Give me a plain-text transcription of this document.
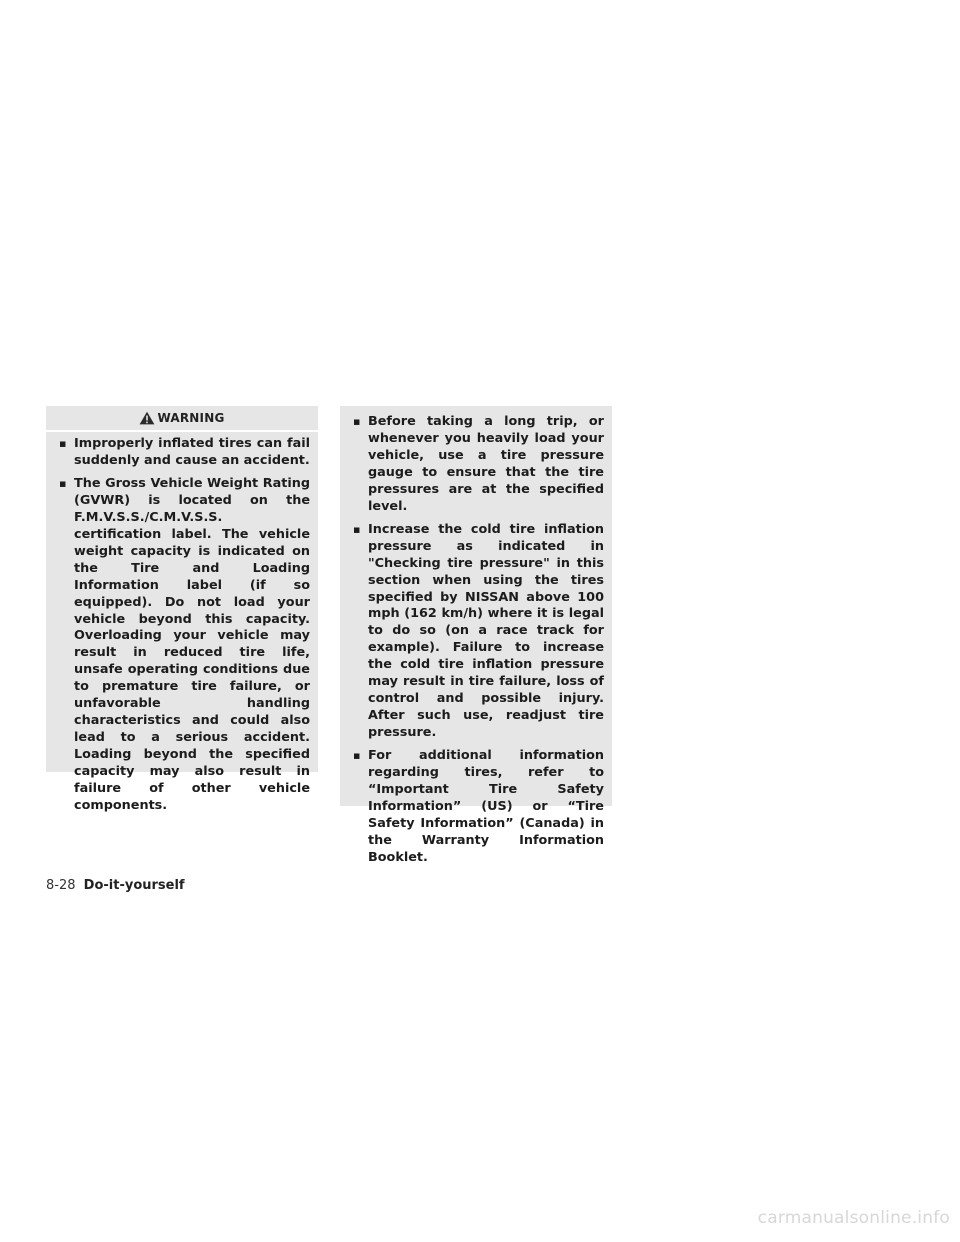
WARNING
▪ Improperly inflated tires can fail suddenly and cause an accident.
▪ The Gross Vehicle Weight Rating (GVWR) is located on the F.M.V.S.S./C.M.V.S.S. certification label. The vehicle weight capacity is indicated on the Tire and Loading Information label (if so equipped). Do not load your vehicle beyond this capacity. Overloading your vehicle may result in reduced tire life, unsafe operating conditions due to premature tire failure, or unfavorable handling characteristics and could also lead to a serious accident. Loading beyond the specified capacity may also result in failure of other vehicle components.
▪ Before taking a long trip, or whenever you heavily load your vehicle, use a tire pressure gauge to ensure that the tire pressures are at the specified level.
▪ Increase the cold tire inflation pressure as indicated in "Checking tire pressure" in this section when using the tires specified by NISSAN above 100 mph (162 km/h) where it is legal to do so (on a race track for example). Failure to increase the cold tire inflation pressure may result in tire failure, loss of control and possible injury. After such use, readjust tire pressure.
▪ For additional information regarding tires, refer to “Important Tire Safety Information” (US) or “Tire Safety Information” (Canada) in the Warranty Information Booklet.
8-28 Do-it-yourself
carmanualsonline.info
